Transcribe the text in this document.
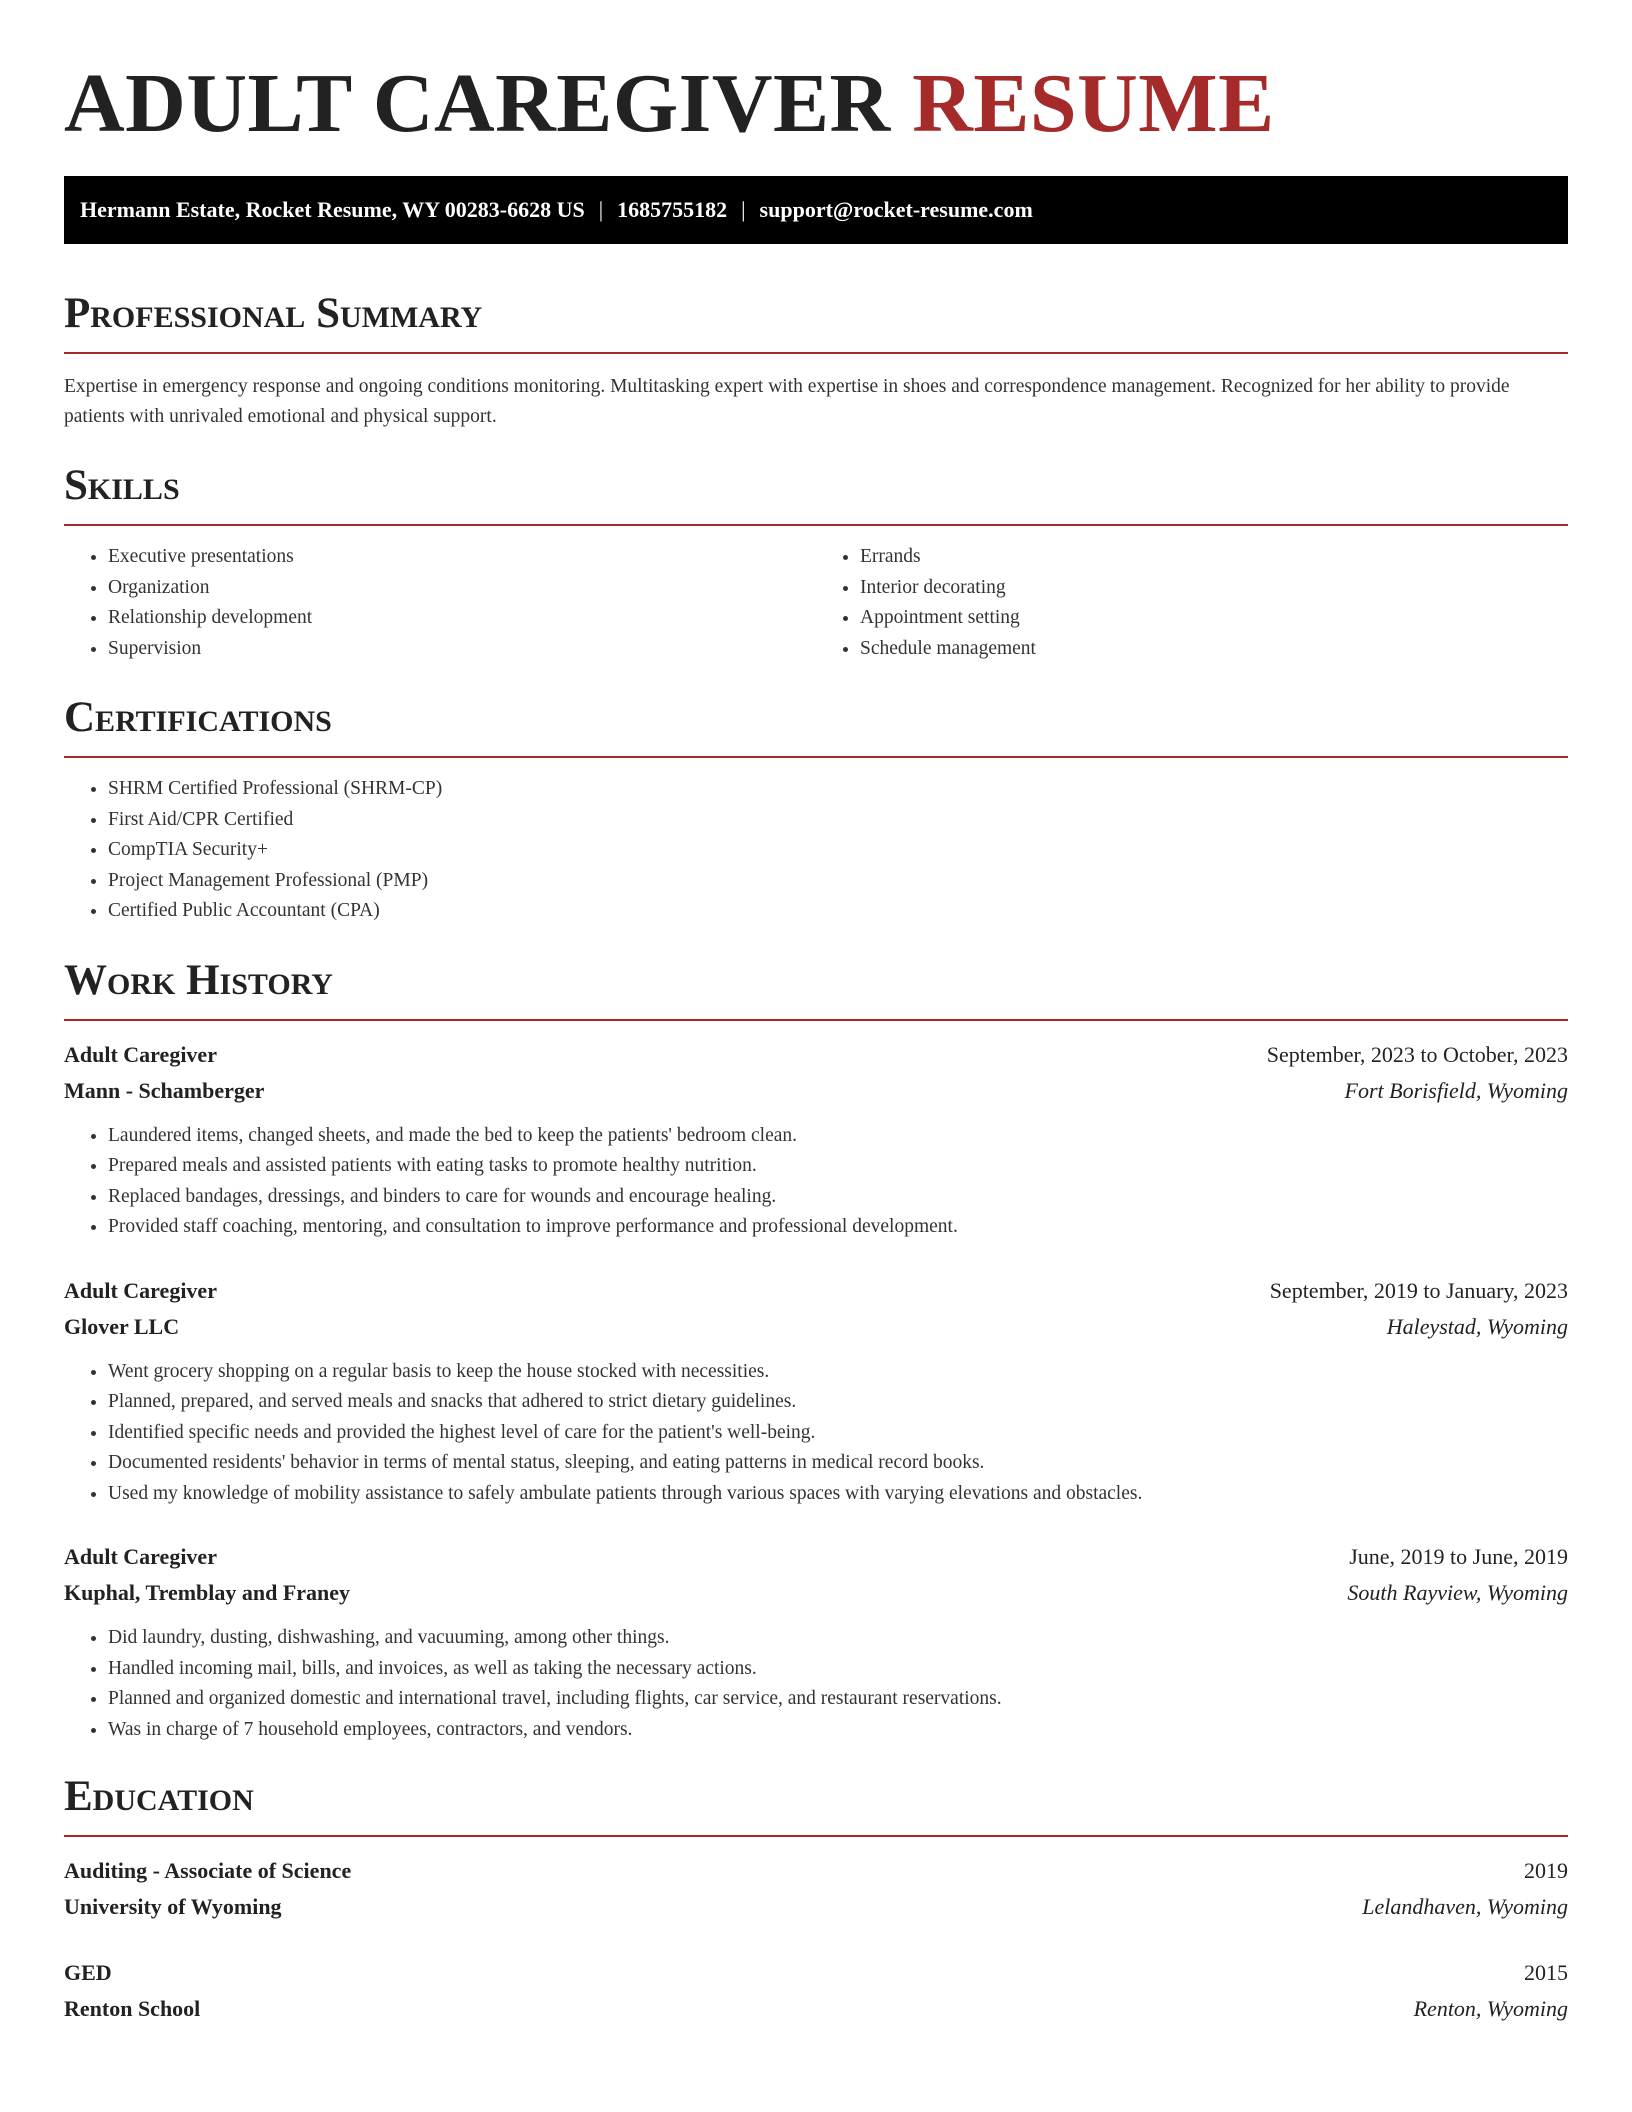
ADULT CAREGIVER RESUME
Hermann Estate, Rocket Resume, WY 00283-6628 US | 1685755182 | support@rocket-resume.com
Professional Summary

Expertise in emergency response and ongoing conditions monitoring. Multitasking expert with expertise in shoes and correspondence management. Recognized for her ability to provide patients with unrivaled emotional and physical support.

Skills
• Executive presentations
• Organization
• Relationship development
• Supervision
• Errands
• Interior decorating
• Appointment setting
• Schedule management
Certifications
• SHRM Certified Professional (SHRM-CP)
• First Aid/CPR Certified
• CompTIA Security+
• Project Management Professional (PMP)
• Certified Public Accountant (CPA)
Work History
Adult Caregiver	September, 2023 to October, 2023
Mann - Schamberger	Fort Borisfield, Wyoming
• Laundered items, changed sheets, and made the bed to keep the patients' bedroom clean.
• Prepared meals and assisted patients with eating tasks to promote healthy nutrition.
• Replaced bandages, dressings, and binders to care for wounds and encourage healing.
• Provided staff coaching, mentoring, and consultation to improve performance and professional development.
Adult Caregiver	September, 2019 to January, 2023
Glover LLC	Haleystad, Wyoming
• Went grocery shopping on a regular basis to keep the house stocked with necessities.
• Planned, prepared, and served meals and snacks that adhered to strict dietary guidelines.
• Identified specific needs and provided the highest level of care for the patient's well-being.
• Documented residents' behavior in terms of mental status, sleeping, and eating patterns in medical record books.
• Used my knowledge of mobility assistance to safely ambulate patients through various spaces with varying elevations and obstacles.
Adult Caregiver	June, 2019 to June, 2019
Kuphal, Tremblay and Franey	South Rayview, Wyoming
• Did laundry, dusting, dishwashing, and vacuuming, among other things.
• Handled incoming mail, bills, and invoices, as well as taking the necessary actions.
• Planned and organized domestic and international travel, including flights, car service, and restaurant reservations.
• Was in charge of 7 household employees, contractors, and vendors.
Education
Auditing - Associate of Science	2019
University of Wyoming	Lelandhaven, Wyoming
GED	2015
Renton School	Renton, Wyoming
